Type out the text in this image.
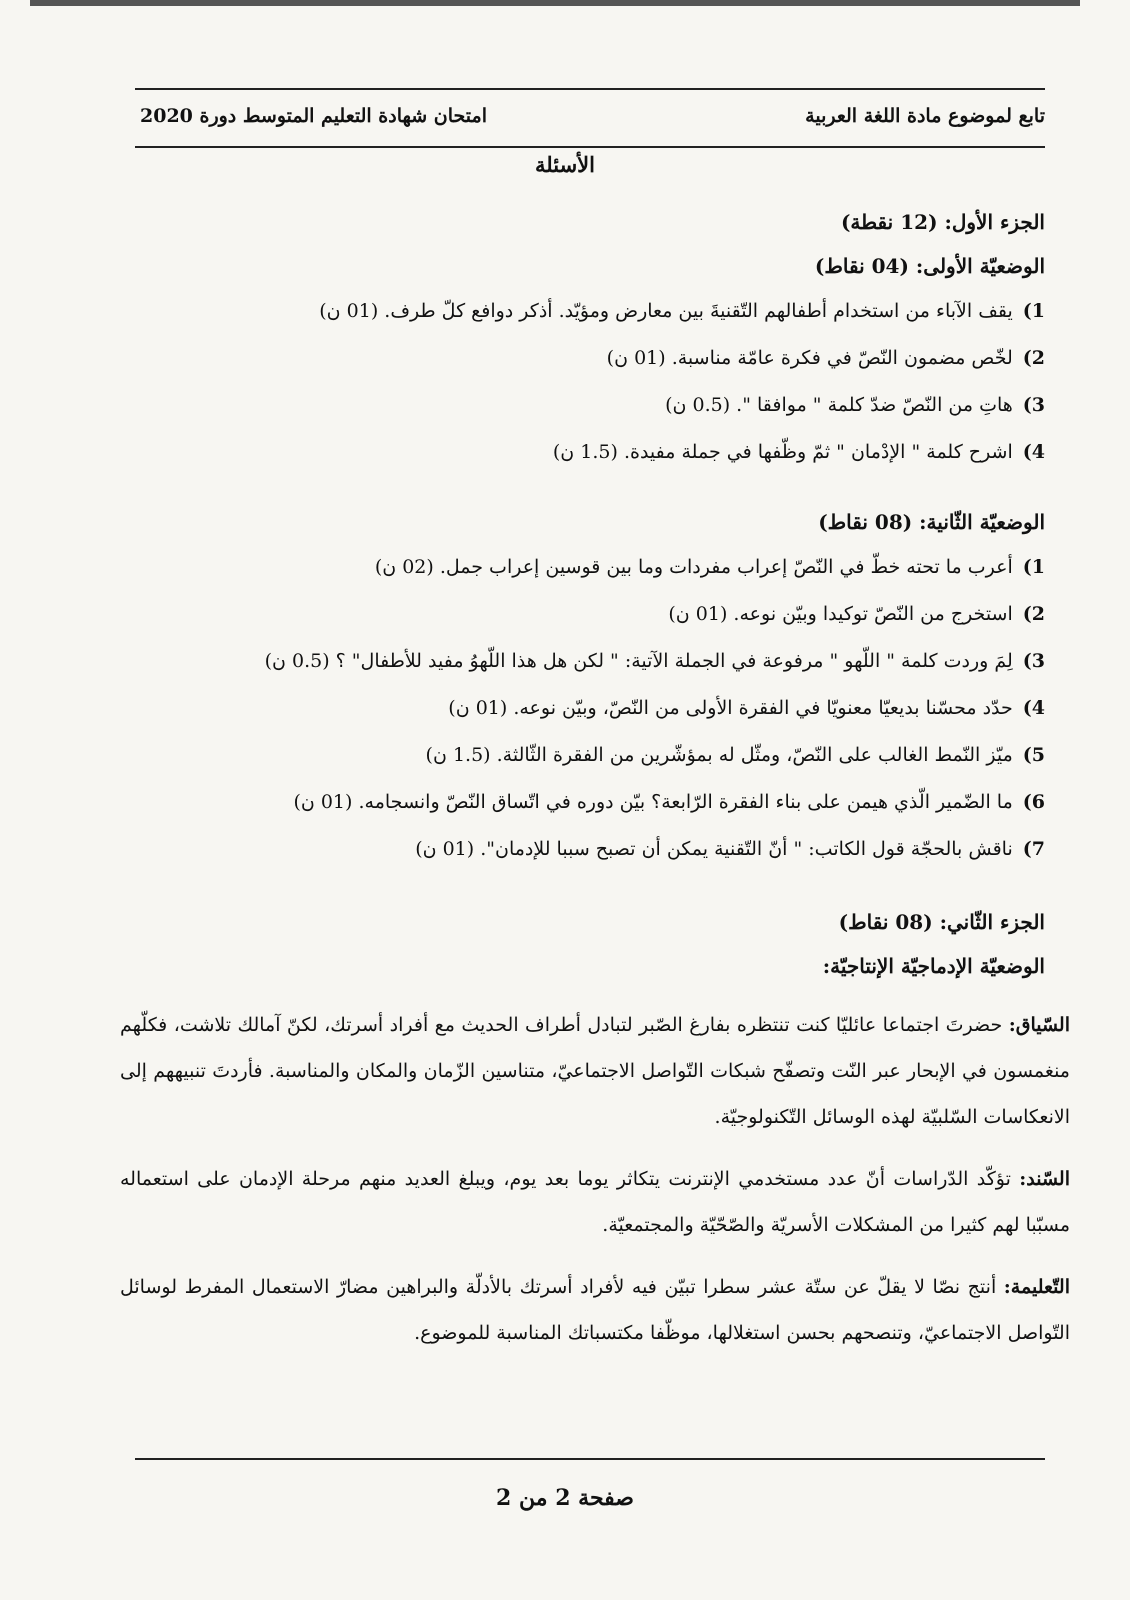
امتحان شهادة التعليم المتوسط دورة 2020	تابع لموضوع مادة اللغة العربية
الأسئلة

الجزء الأول: (12 نقطة)

الوضعيّة الأولى: (04 نقاط)

1)
يقف الآباء من استخدام أطفالهم التّقنيةَ بين معارض ومؤيّد. أذكر دوافع كلّ طرف. (01 ن)
2)
لخّص مضمون النّصّ في فكرة عامّة مناسبة. (01 ن)
3)
هاتِ من النّصّ ضدّ كلمة " موافقا ". (0.5 ن)
4)
اشرح كلمة " الإدْمان " ثمّ وظّفها في جملة مفيدة. (1.5 ن)

الوضعيّة الثّانية: (08 نقاط)

1)
أعرب ما تحته خطّ في النّصّ إعراب مفردات وما بين قوسين إعراب جمل. (02 ن)
2)
استخرج من النّصّ توكيدا وبيّن نوعه. (01 ن)
3)
لِمَ وردت كلمة " اللّهو " مرفوعة في الجملة الآتية: " لكن هل هذا اللّهوُ مفيد للأطفال" ؟ (0.5 ن)
4)
حدّد محسّنا بديعيّا معنويّا في الفقرة الأولى من النّصّ، وبيّن نوعه. (01 ن)
5)
ميّز النّمط الغالب على النّصّ، ومثّل له بمؤشّرين من الفقرة الثّالثة. (1.5 ن)
6)
ما الضّمير الّذي هيمن على بناء الفقرة الرّابعة؟ بيّن دوره في اتّساق النّصّ وانسجامه. (01 ن)
7)
ناقش بالحجّة قول الكاتب: " أنّ التّقنية يمكن أن تصبح سببا للإدمان". (01 ن)

الجزء الثّاني: (08 نقاط)

الوضعيّة الإدماجيّة الإنتاجيّة:

السّياق: حضرتَ اجتماعا عائليّا كنت تنتظره بفارغ الصّبر لتبادل أطراف الحديث مع أفراد أسرتك، لكنّ آمالك تلاشت، فكلّهم منغمسون في الإبحار عبر النّت وتصفّح شبكات التّواصل الاجتماعيّ، متناسين الزّمان والمكان والمناسبة. فأردتَ تنبيههم إلى الانعكاسات السّلبيّة لهذه الوسائل التّكنولوجيّة.

السّند: تؤكّد الدّراسات أنّ عدد مستخدمي الإنترنت يتكاثر يوما بعد يوم، ويبلغ العديد منهم مرحلة الإدمان على استعماله مسبّبا لهم كثيرا من المشكلات الأسريّة والصّحّيّة والمجتمعيّة.

التّعليمة: أنتج نصّا لا يقلّ عن ستّة عشر سطرا تبيّن فيه لأفراد أسرتك بالأدلّة والبراهين مضارّ الاستعمال المفرط لوسائل التّواصل الاجتماعيّ، وتنصحهم بحسن استغلالها، موظّفا مكتسباتك المناسبة للموضوع.

صفحة 2 من 2
